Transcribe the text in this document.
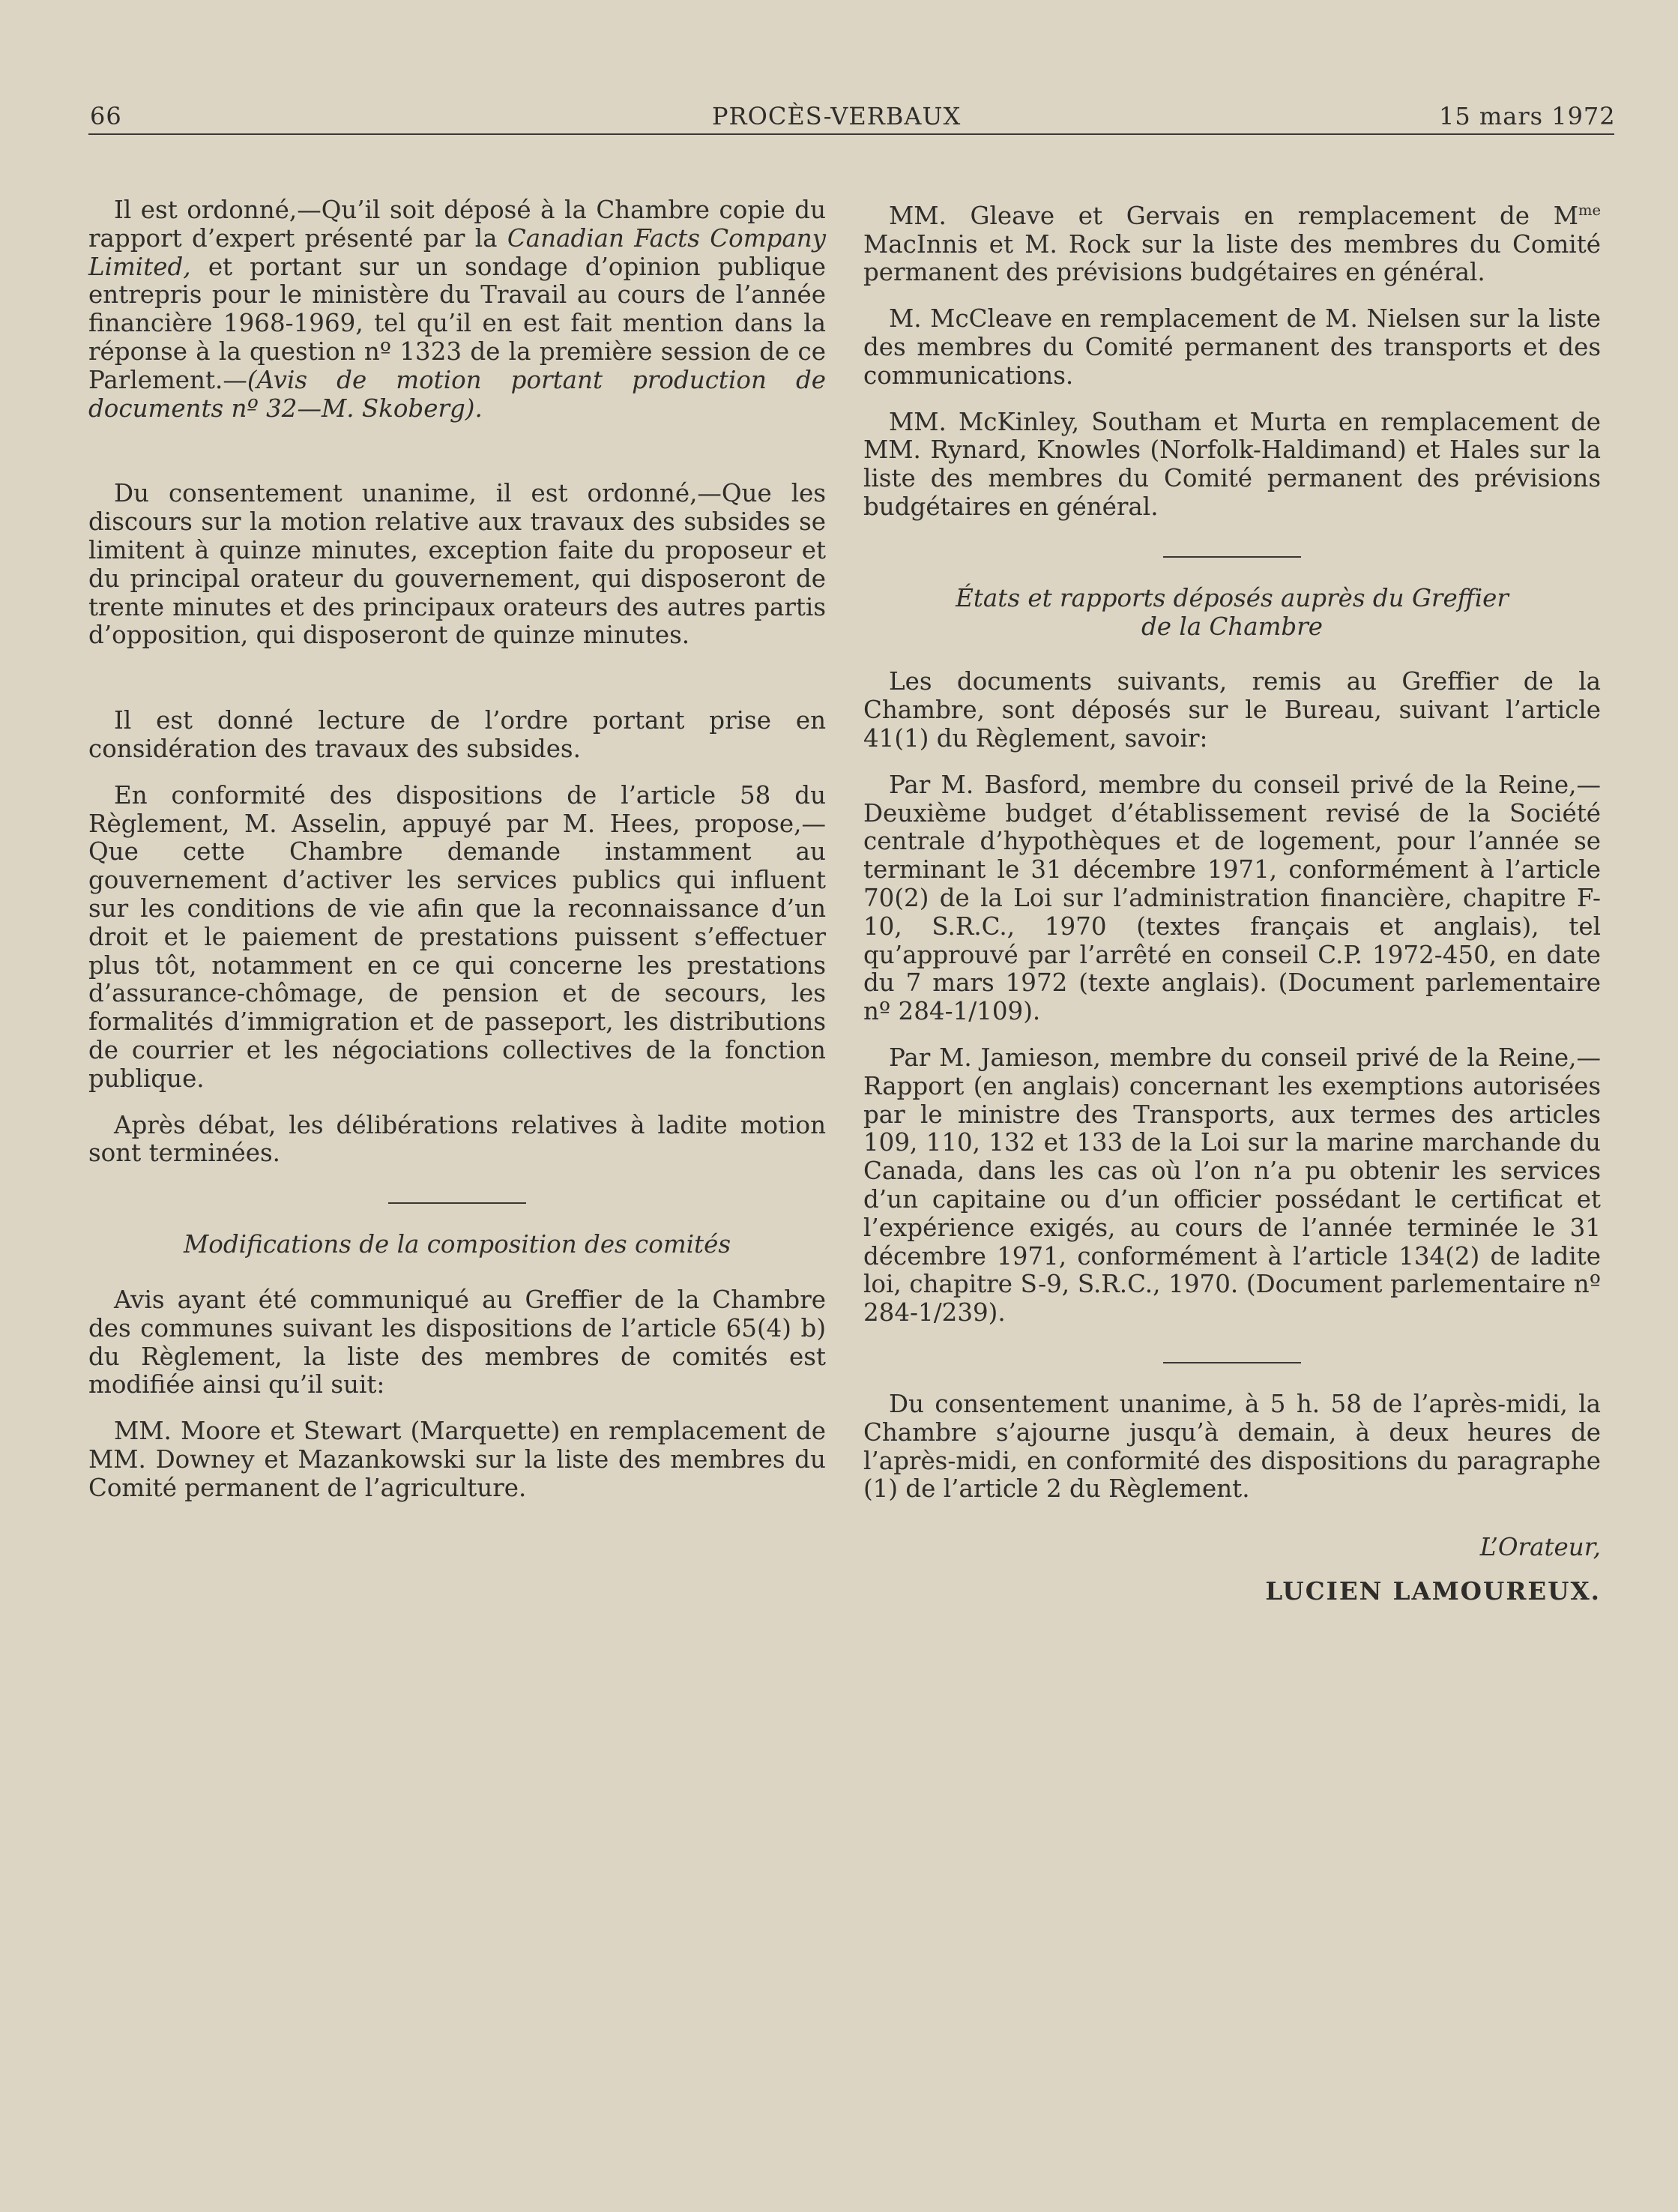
66	PROCÈS-VERBAUX	15 mars 1972

Il est ordonné,—Qu’il soit déposé à la Chambre copie du rapport d’expert présenté par la Canadian Facts Company Limited, et portant sur un sondage d’opinion publique entrepris pour le ministère du Travail au cours de l’année financière 1968-1969, tel qu’il en est fait mention dans la réponse à la question nº 1323 de la première session de ce Parlement.—(Avis de motion portant production de documents nº 32—M. Skoberg).

Du consentement unanime, il est ordonné,—Que les discours sur la motion relative aux travaux des subsides se limitent à quinze minutes, exception faite du proposeur et du principal orateur du gouvernement, qui disposeront de trente minutes et des principaux orateurs des autres partis d’opposition, qui disposeront de quinze minutes.

Il est donné lecture de l’ordre portant prise en considération des travaux des subsides.

En conformité des dispositions de l’article 58 du Règlement, M. Asselin, appuyé par M. Hees, propose,—Que cette Chambre demande instamment au gouvernement d’activer les services publics qui influent sur les conditions de vie afin que la reconnaissance d’un droit et le paiement de prestations puissent s’effectuer plus tôt, notamment en ce qui concerne les prestations d’assurance-chômage, de pension et de secours, les formalités d’immigration et de passeport, les distributions de courrier et les négociations collectives de la fonction publique.

Après débat, les délibérations relatives à ladite motion sont terminées.

Modifications de la composition des comités

Avis ayant été communiqué au Greffier de la Chambre des communes suivant les dispositions de l’article 65(4) b) du Règlement, la liste des membres de comités est modifiée ainsi qu’il suit:

MM. Moore et Stewart (Marquette) en remplacement de MM. Downey et Mazankowski sur la liste des membres du Comité permanent de l’agriculture.

MM. Gleave et Gervais en remplacement de $M^{me}$ MacInnis et M. Rock sur la liste des membres du Comité permanent des prévisions budgétaires en général.

M. McCleave en remplacement de M. Nielsen sur la liste des membres du Comité permanent des transports et des communications.

MM. McKinley, Southam et Murta en remplacement de MM. Rynard, Knowles (Norfolk-Haldimand) et Hales sur la liste des membres du Comité permanent des prévisions budgétaires en général.

États et rapports déposés auprès du Greffier
de la Chambre

Les documents suivants, remis au Greffier de la Chambre, sont déposés sur le Bureau, suivant l’article 41(1) du Règlement, savoir:

Par M. Basford, membre du conseil privé de la Reine,—Deuxième budget d’établissement revisé de la Société centrale d’hypothèques et de logement, pour l’année se terminant le 31 décembre 1971, conformément à l’article 70(2) de la Loi sur l’administration financière, chapitre F-10, S.R.C., 1970 (textes français et anglais), tel qu’approuvé par l’arrêté en conseil C.P. 1972-450, en date du 7 mars 1972 (texte anglais). (Document parlementaire nº 284-1/109).

Par M. Jamieson, membre du conseil privé de la Reine,—Rapport (en anglais) concernant les exemptions autorisées par le ministre des Transports, aux termes des articles 109, 110, 132 et 133 de la Loi sur la marine marchande du Canada, dans les cas où l’on n’a pu obtenir les services d’un capitaine ou d’un officier possédant le certificat et l’expérience exigés, au cours de l’année terminée le 31 décembre 1971, conformément à l’article 134(2) de ladite loi, chapitre S-9, S.R.C., 1970. (Document parlementaire nº 284-1/239).

Du consentement unanime, à 5 h. 58 de l’après-midi, la Chambre s’ajourne jusqu’à demain, à deux heures de l’après-midi, en conformité des dispositions du paragraphe (1) de l’article 2 du Règlement.

L’Orateur,

LUCIEN LAMOUREUX.
